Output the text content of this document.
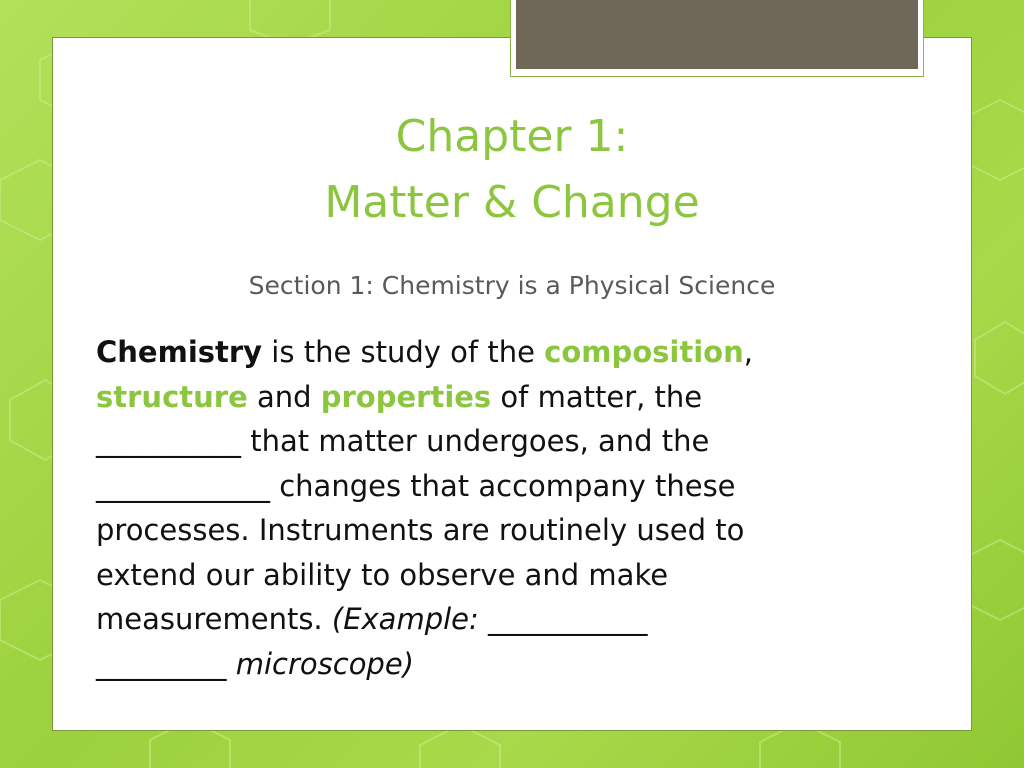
Chapter 1:
Matter & Change

Section 1: Chemistry is a Physical Science

Chemistry is the study of the composition,
structure and properties of matter, the
__________ that matter undergoes, and the
____________ changes that accompany these
processes. Instruments are routinely used to
extend our ability to observe and make
measurements. (Example: ___________
_________ microscope)
